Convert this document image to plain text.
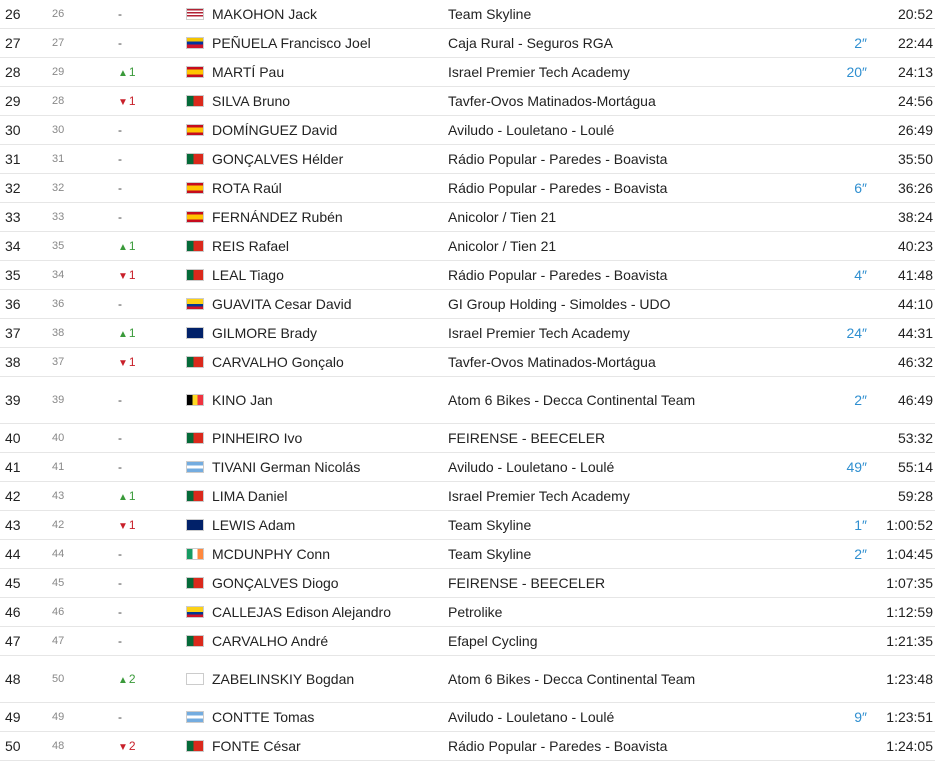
26	26	-	MAKOHON Jack	Team Skyline	20:52
27	27	-	PEÑUELA Francisco Joel	Caja Rural - Seguros RGA	2″ 22:44
28	29	▲1	MARTÍ Pau	Israel Premier Tech Academy	20″ 24:13
29	28	▼1	SILVA Bruno	Tavfer-Ovos Matinados-Mortágua	24:56
30	30	-	DOMÍNGUEZ David	Aviludo - Louletano - Loulé	26:49
31	31	-	GONÇALVES Hélder	Rádio Popular - Paredes - Boavista	35:50
32	32	-	ROTA Raúl	Rádio Popular - Paredes - Boavista	6″ 36:26
33	33	-	FERNÁNDEZ Rubén	Anicolor / Tien 21	38:24
34	35	▲1	REIS Rafael	Anicolor / Tien 21	40:23
35	34	▼1	LEAL Tiago	Rádio Popular - Paredes - Boavista	4″ 41:48
36	36	-	GUAVITA Cesar David	GI Group Holding - Simoldes - UDO	44:10
37	38	▲1	GILMORE Brady	Israel Premier Tech Academy	24″ 44:31
38	37	▼1	CARVALHO Gonçalo	Tavfer-Ovos Matinados-Mortágua	46:32
39	39	-	KINO Jan	Atom 6 Bikes - Decca Continental Team	2″ 46:49
40	40	-	PINHEIRO Ivo	FEIRENSE - BEECELER	53:32
41	41	-	TIVANI German Nicolás	Aviludo - Louletano - Loulé	49″ 55:14
42	43	▲1	LIMA Daniel	Israel Premier Tech Academy	59:28
43	42	▼1	LEWIS Adam	Team Skyline	1″ 1:00:52
44	44	-	MCDUNPHY Conn	Team Skyline	2″ 1:04:45
45	45	-	GONÇALVES Diogo	FEIRENSE - BEECELER	1:07:35
46	46	-	CALLEJAS Edison Alejandro	Petrolike	1:12:59
47	47	-	CARVALHO André	Efapel Cycling	1:21:35
48	50	▲2	ZABELINSKIY Bogdan	Atom 6 Bikes - Decca Continental Team	1:23:48
49	49	-	CONTTE Tomas	Aviludo - Louletano - Loulé	9″ 1:23:51
50	48	▼2	FONTE César	Rádio Popular - Paredes - Boavista	1:24:05
